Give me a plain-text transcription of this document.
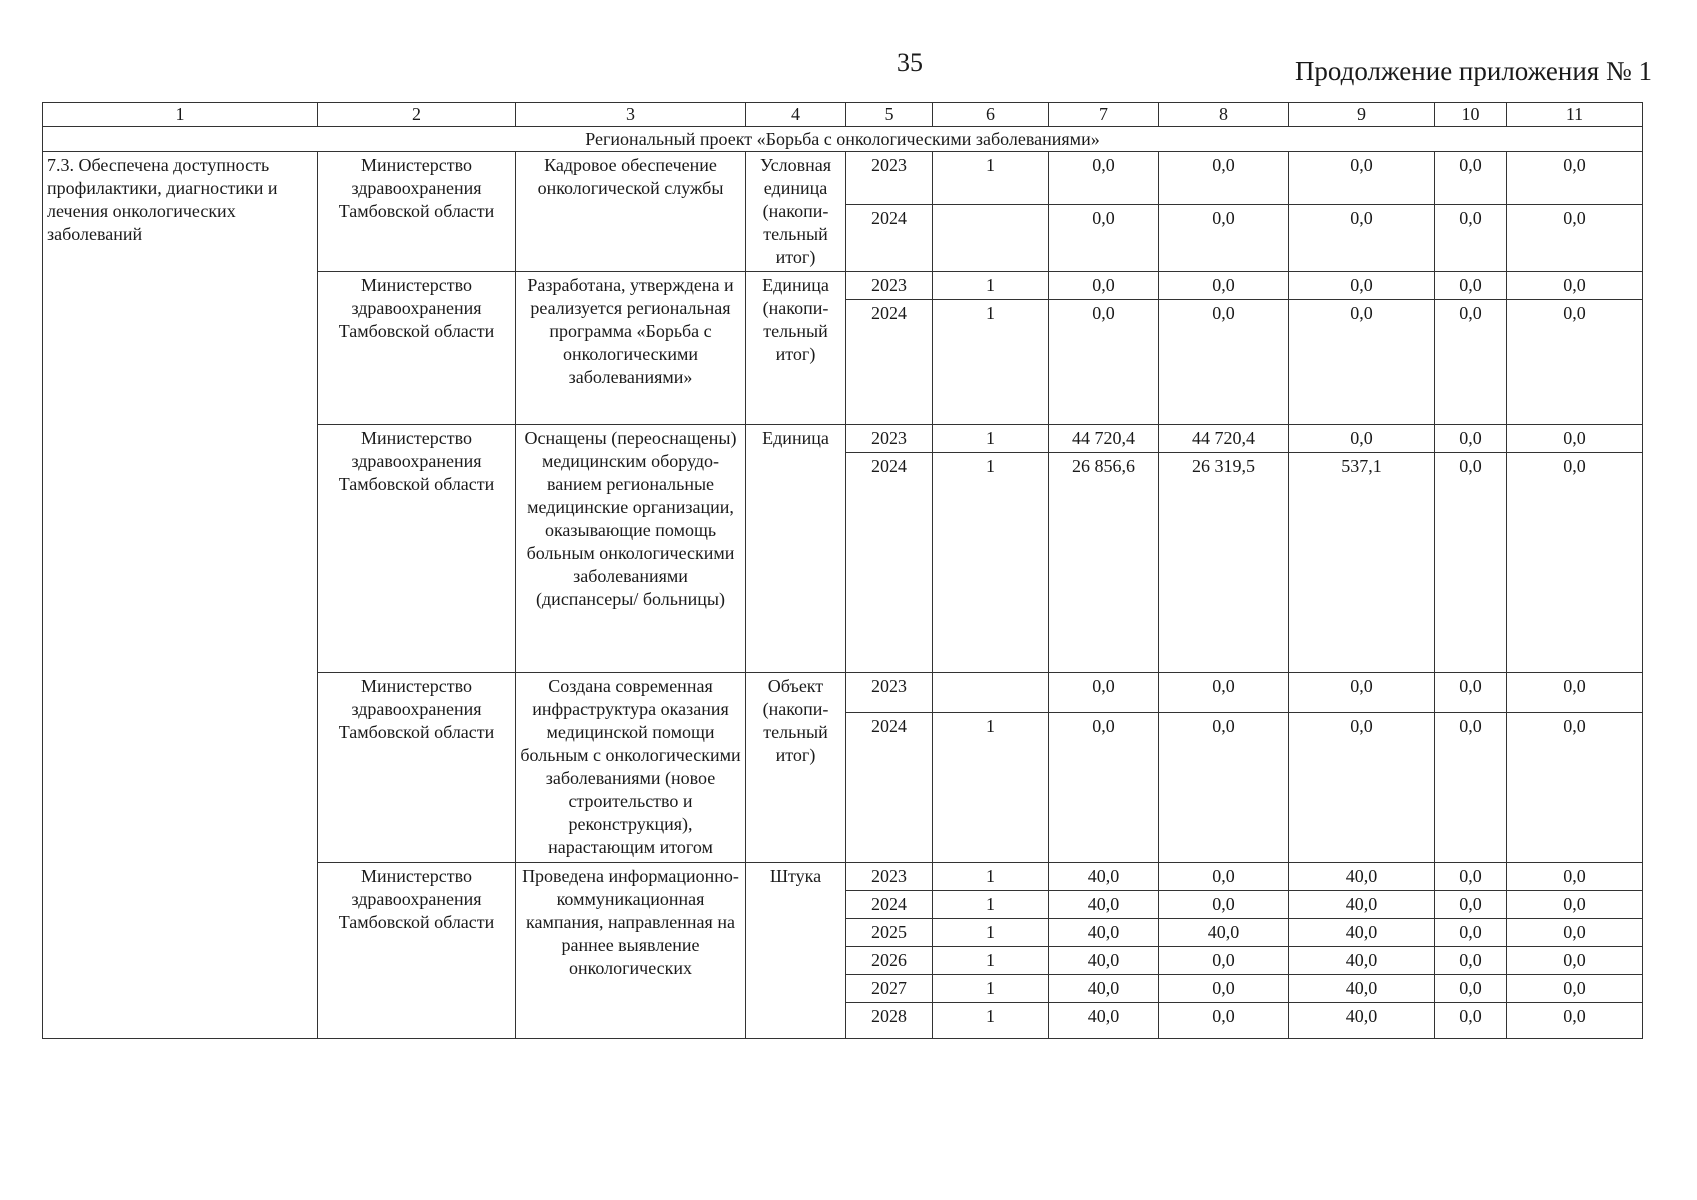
35	Продолжение приложения № 1
1	2	3	4	5	6	7	8	9	10	11
Региональный проект «Борьба с онкологическими заболеваниями»										
7.3. Обеспечена доступность профилактики, диагностики и лечения онкологических заболеваний	Министерство здравоохранения Тамбовской области	Кадровое обеспечение онкологической службы	Условная единица (накопи-тельный итог)	2023	1	0,0	0,0	0,0	0,0	0,0
				2024		0,0	0,0	0,0	0,0	0,0
	Министерство здравоохранения Тамбовской области	Разработана, утверждена и реализуется региональная программа «Борьба с онкологическими заболеваниями»	Единица (накопи-тельный итог)	2023	1	0,0	0,0	0,0	0,0	0,0
				2024	1	0,0	0,0	0,0	0,0	0,0
	Министерство здравоохранения Тамбовской области	Оснащены (переоснащены) медицинским оборудо-ванием региональные медицинские организации, оказывающие помощь больным онкологическими заболеваниями (диспансеры/ больницы)	Единица	2023	1	44 720,4	44 720,4	0,0	0,0	0,0
				2024	1	26 856,6	26 319,5	537,1	0,0	0,0
	Министерство здравоохранения Тамбовской области	Создана современная инфраструктура оказания медицинской помощи больным с онкологическими заболеваниями (новое строительство и реконструкция), нарастающим итогом	Объект (накопи-тельный итог)	2023		0,0	0,0	0,0	0,0	0,0
				2024	1	0,0	0,0	0,0	0,0	0,0
	Министерство здравоохранения Тамбовской области	Проведена информационно-коммуникационная кампания, направленная на раннее выявление онкологических	Штука	2023	1	40,0	0,0	40,0	0,0	0,0
				2024	1	40,0	0,0	40,0	0,0	0,0
				2025	1	40,0	40,0	40,0	0,0	0,0
				2026	1	40,0	0,0	40,0	0,0	0,0
				2027	1	40,0	0,0	40,0	0,0	0,0
				2028	1	40,0	0,0	40,0	0,0	0,0
